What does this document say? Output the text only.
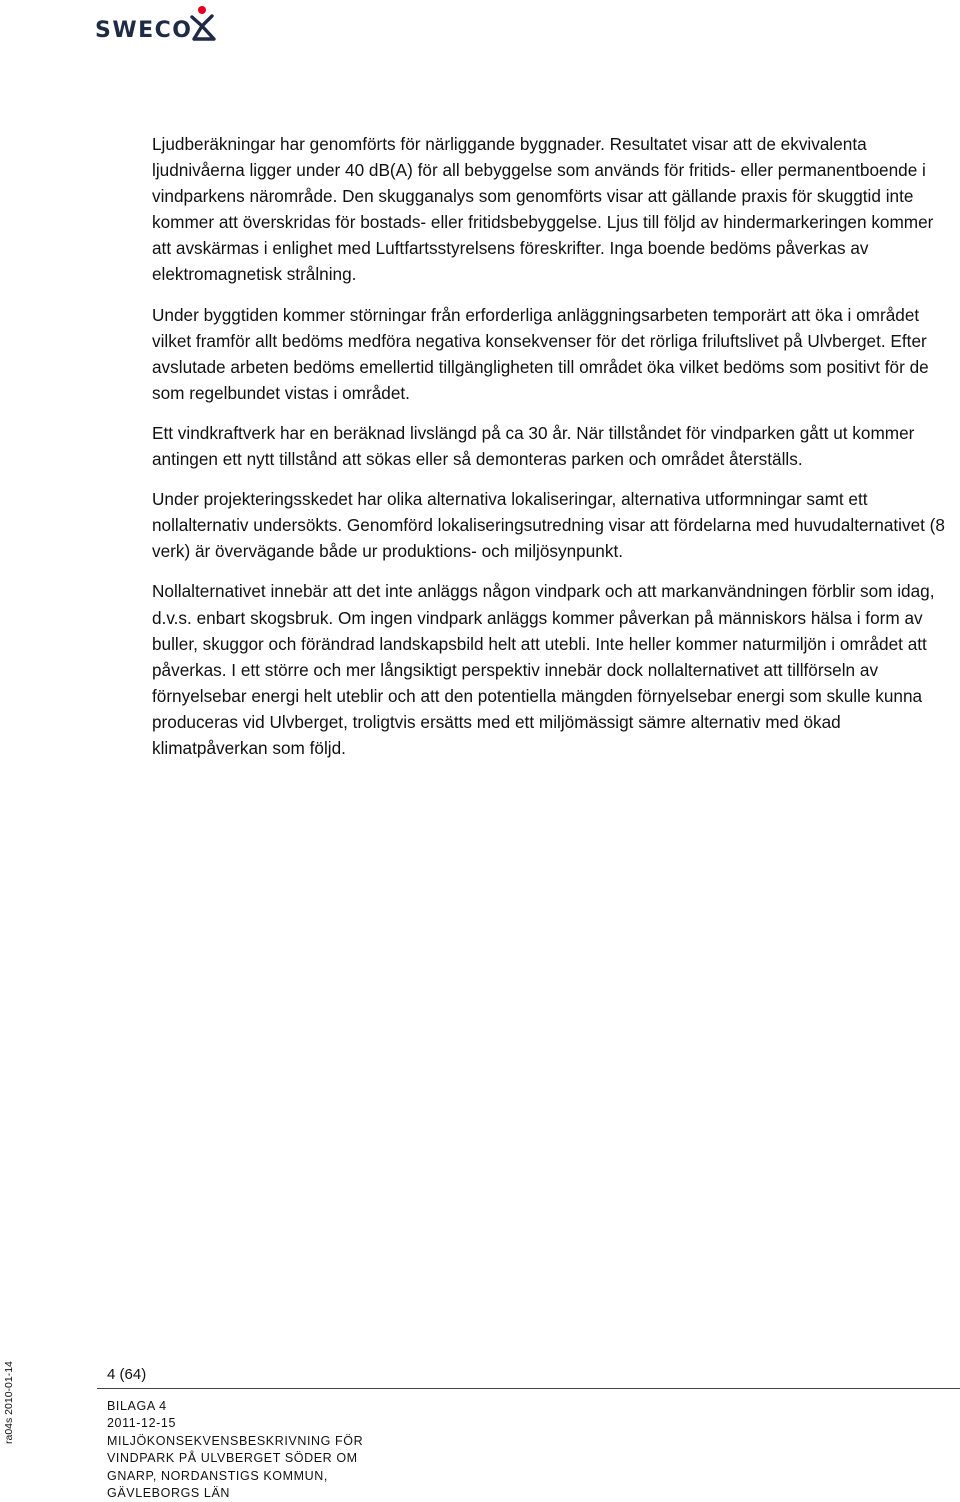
SWECO

Ljudberäkningar har genomförts för närliggande byggnader. Resultatet visar att de ekvivalenta ljudnivåerna ligger under 40 dB(A) för all bebyggelse som används för fritids- eller permanentboende i vindparkens närområde. Den skugganalys som genomförts visar att gällande praxis för skuggtid inte kommer att överskridas för bostads- eller fritidsbebyggelse. Ljus till följd av hindermarkeringen kommer att avskärmas i enlighet med Luftfartsstyrelsens föreskrifter. Inga boende bedöms påverkas av elektromagnetisk strålning.

Under byggtiden kommer störningar från erforderliga anläggningsarbeten temporärt att öka i området vilket framför allt bedöms medföra negativa konsekvenser för det rörliga friluftslivet på Ulvberget. Efter avslutade arbeten bedöms emellertid tillgängligheten till området öka vilket bedöms som positivt för de som regelbundet vistas i området.

Ett vindkraftverk har en beräknad livslängd på ca 30 år. När tillståndet för vindparken gått ut kommer antingen ett nytt tillstånd att sökas eller så demonteras parken och området återställs.

Under projekteringsskedet har olika alternativa lokaliseringar, alternativa utformningar samt ett nollalternativ undersökts. Genomförd lokaliseringsutredning visar att fördelarna med huvudalternativet (8 verk) är övervägande både ur produktions- och miljösynpunkt.

Nollalternativet innebär att det inte anläggs någon vindpark och att markanvändningen förblir som idag, d.v.s. enbart skogsbruk. Om ingen vindpark anläggs kommer påverkan på människors hälsa i form av buller, skuggor och förändrad landskapsbild helt att utebli. Inte heller kommer naturmiljön i området att påverkas. I ett större och mer långsiktigt perspektiv innebär dock nollalternativet att tillförseln av förnyelsebar energi helt uteblir och att den potentiella mängden förnyelsebar energi som skulle kunna produceras vid Ulvberget, troligtvis ersätts med ett miljömässigt sämre alternativ med ökad klimatpåverkan som följd.

4 (64)
BILAGA 4
2011-12-15
MILJÖKONSEKVENSBESKRIVNING FÖR
VINDPARK PÅ ULVBERGET SÖDER OM
GNARP, NORDANSTIGS KOMMUN,
GÄVLEBORGS LÄN
ra04s 2010-01-14
